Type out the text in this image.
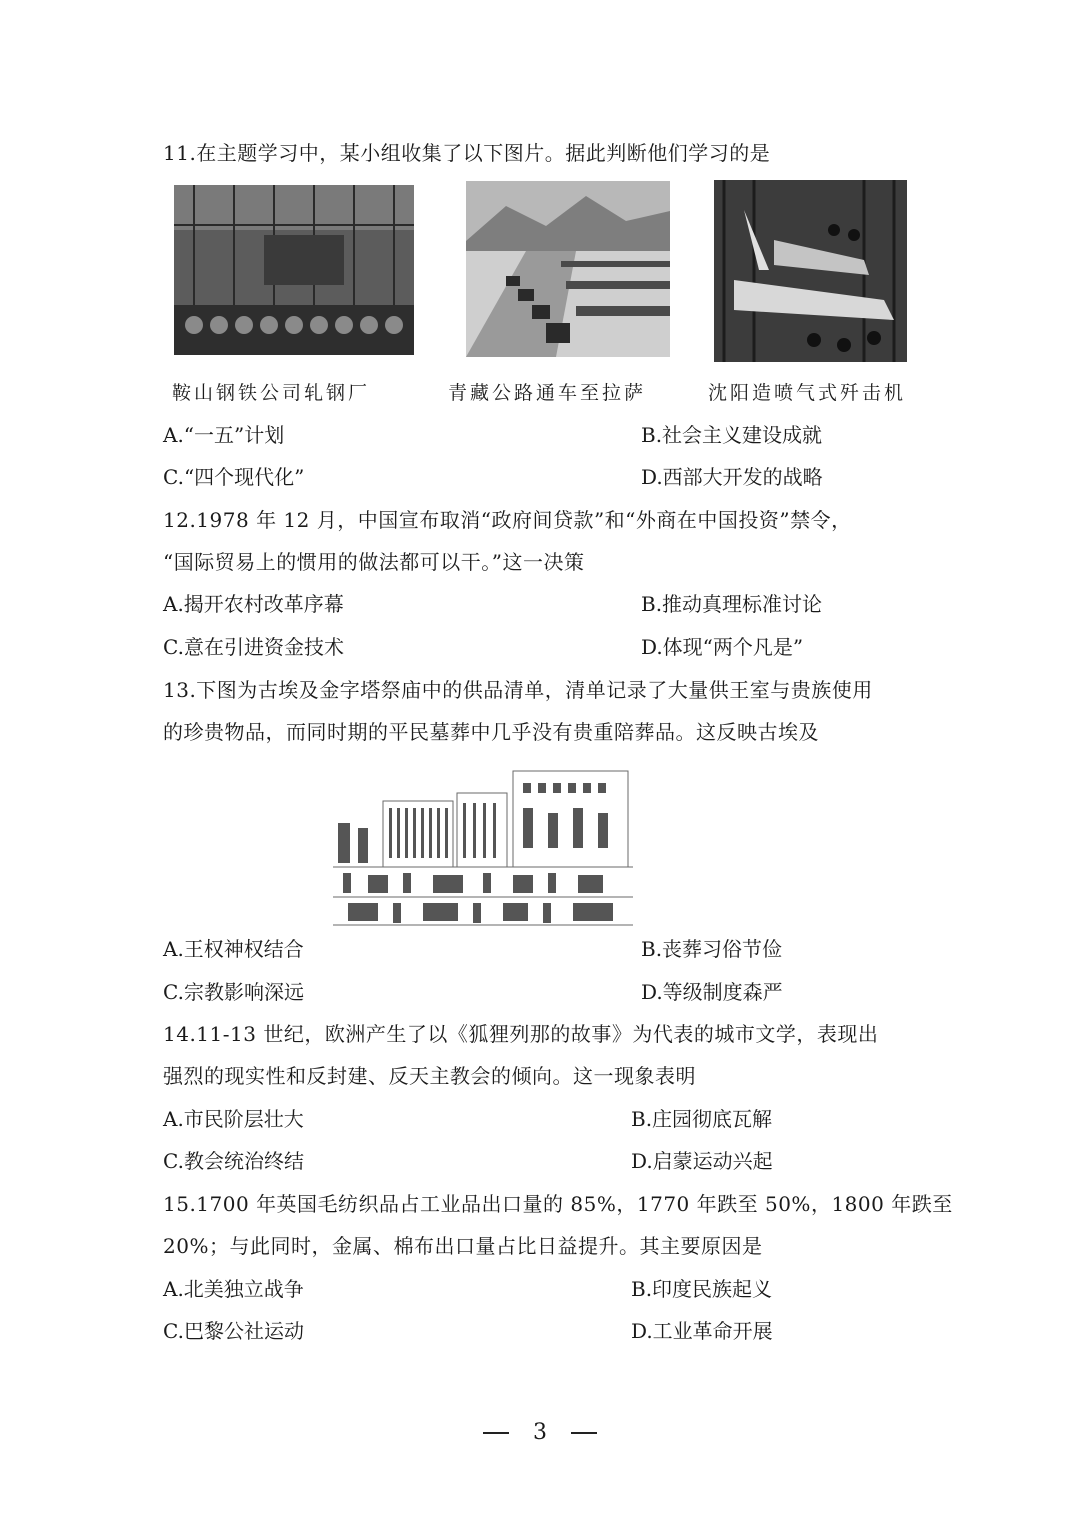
11.在主题学习中，某小组收集了以下图片。据此判断他们学习的是
鞍山钢铁公司轧钢厂	青藏公路通车至拉萨	沈阳造喷气式歼击机
A.“一五”计划	B.社会主义建设成就
C.“四个现代化”	D.西部大开发的战略
12.1978 年 12 月，中国宣布取消“政府间贷款”和“外商在中国投资”禁令，
“国际贸易上的惯用的做法都可以干。”这一决策
A.揭开农村改革序幕	B.推动真理标准讨论
C.意在引进资金技术	D.体现“两个凡是”
13.下图为古埃及金字塔祭庙中的供品清单，清单记录了大量供王室与贵族使用
的珍贵物品，而同时期的平民墓葬中几乎没有贵重陪葬品。这反映古埃及
A.王权神权结合	B.丧葬习俗节俭
C.宗教影响深远	D.等级制度森严
14.11-13 世纪，欧洲产生了以《狐狸列那的故事》为代表的城市文学，表现出
强烈的现实性和反封建、反天主教会的倾向。这一现象表明
A.市民阶层壮大	B.庄园彻底瓦解
C.教会统治终结	D.启蒙运动兴起
15.1700 年英国毛纺织品占工业品出口量的 85%，1770 年跌至 50%，1800 年跌至
20%；与此同时，金属、棉布出口量占比日益提升。其主要原因是
A.北美独立战争	B.印度民族起义
C.巴黎公社运动	D.工业革命开展
3
